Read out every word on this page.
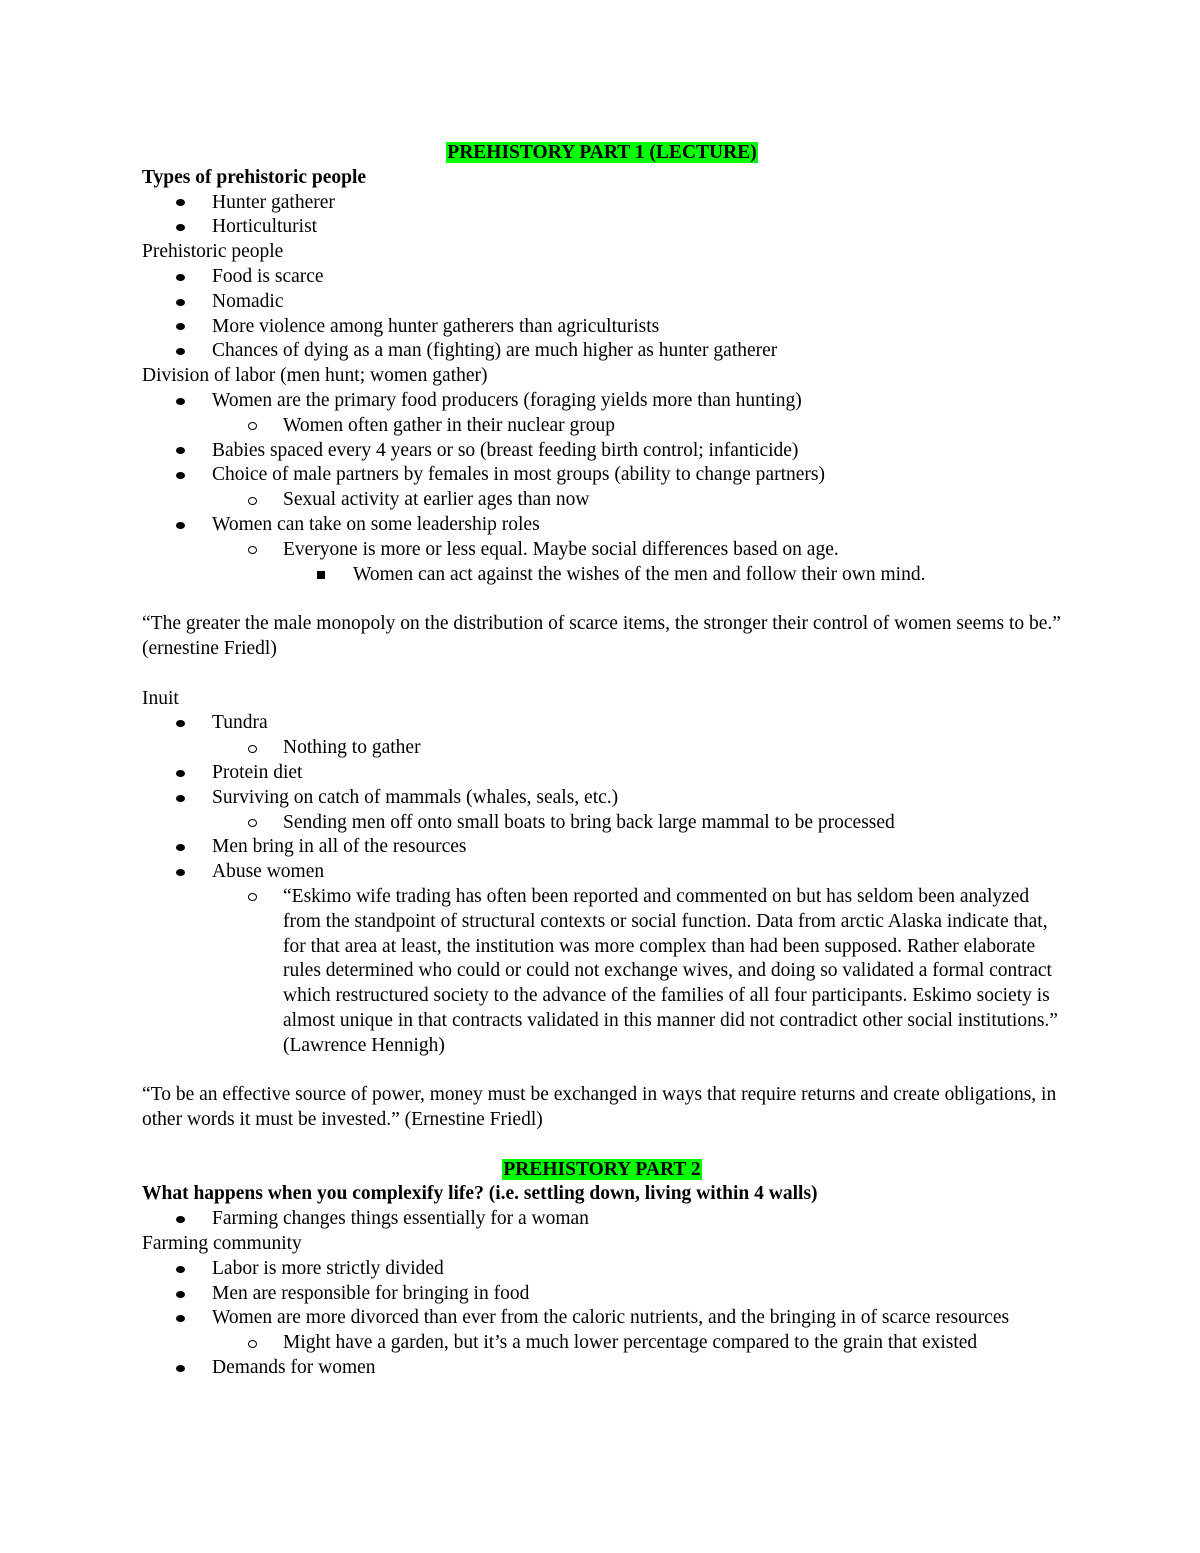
PREHISTORY PART 1 (LECTURE)

Types of prehistoric people

Hunter gatherer
Horticulturist

Prehistoric people

Food is scarce
Nomadic
More violence among hunter gatherers than agriculturists
Chances of dying as a man (fighting) are much higher as hunter gatherer

Division of labor (men hunt; women gather)

Women are the primary food producers (foraging yields more than hunting)
Women often gather in their nuclear group
Babies spaced every 4 years or so (breast feeding birth control; infanticide)
Choice of male partners by females in most groups (ability to change partners)
Sexual activity at earlier ages than now
Women can take on some leadership roles
Everyone is more or less equal. Maybe social differences based on age.
Women can act against the wishes of the men and follow their own mind.

“The greater the male monopoly on the distribution of scarce items, the stronger their control of women seems to be.” (ernestine Friedl)

Inuit

Tundra
Nothing to gather
Protein diet
Surviving on catch of mammals (whales, seals, etc.)
Sending men off onto small boats to bring back large mammal to be processed
Men bring in all of the resources
Abuse women
“Eskimo wife trading has often been reported and commented on but has seldom been analyzed from the standpoint of structural contexts or social function. Data from arctic Alaska indicate that, for that area at least, the institution was more complex than had been supposed. Rather elaborate rules determined who could or could not exchange wives, and doing so validated a formal contract which restructured society to the advance of the families of all four participants. Eskimo society is almost unique in that contracts validated in this manner did not contradict other social institutions.” (Lawrence Hennigh)

“To be an effective source of power, money must be exchanged in ways that require returns and create obligations, in other words it must be invested.” (Ernestine Friedl)

PREHISTORY PART 2

What happens when you complexify life? (i.e. settling down, living within 4 walls)

Farming changes things essentially for a woman

Farming community

Labor is more strictly divided
Men are responsible for bringing in food
Women are more divorced than ever from the caloric nutrients, and the bringing in of scarce resources
Might have a garden, but it’s a much lower percentage compared to the grain that existed
Demands for women
